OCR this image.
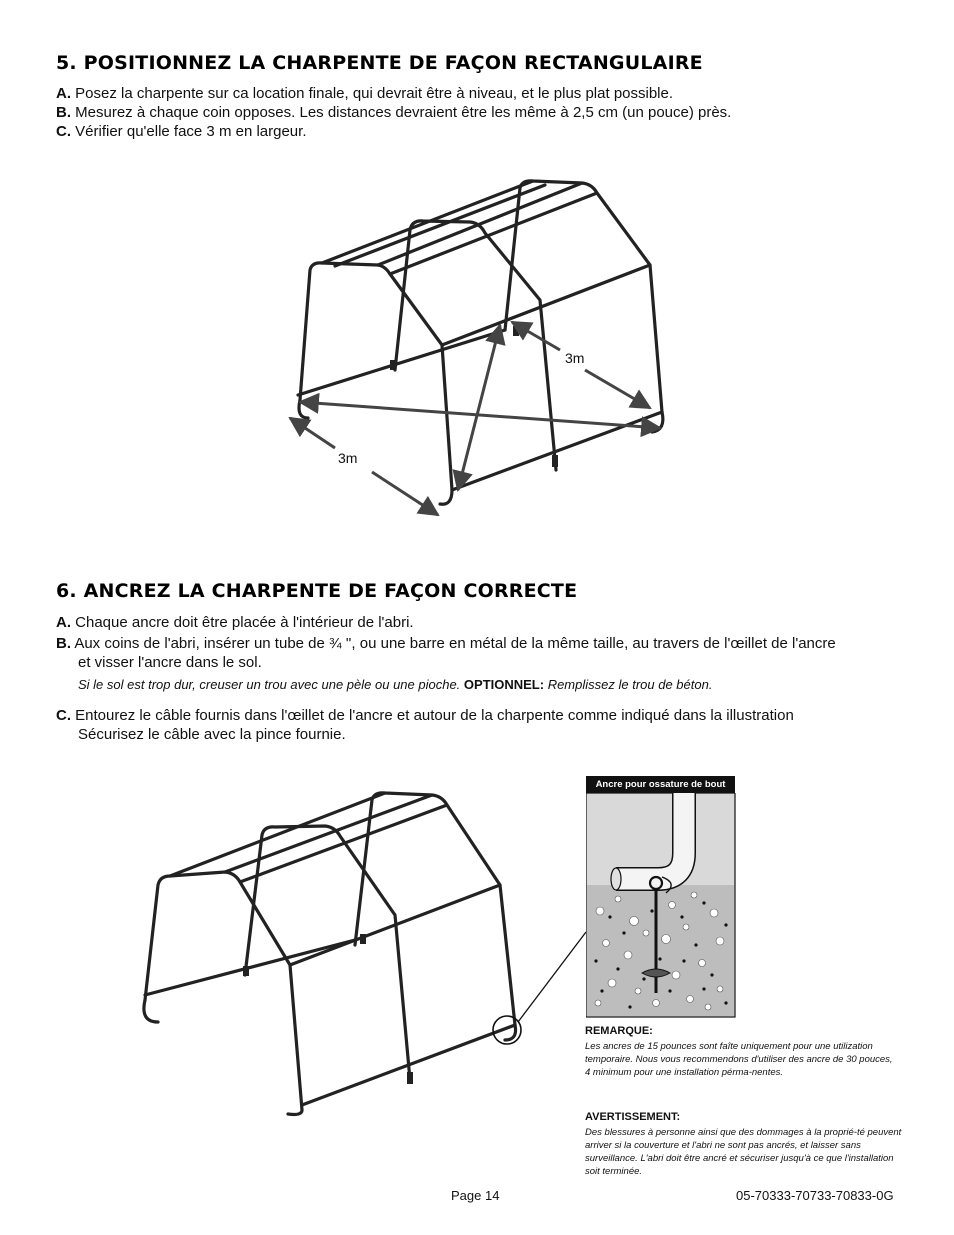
5. POSITIONNEZ LA CHARPENTE DE FAÇON RECTANGULAIRE

A. Posez la charpente sur ca location finale, qui devrait être à niveau, et le plus plat possible.

B. Mesurez à chaque coin opposes. Les distances devraient être les même à 2,5 cm (un pouce) près.

C. Vérifier qu'elle face 3 m en largeur.

3m
3m
6. ANCREZ LA CHARPENTE DE FAÇON CORRECTE

A. Chaque ancre doit être placée à l'intérieur de l'abri.

B. Aux coins de l'abri, insérer un tube de ¾ '', ou une barre en métal de la même taille, au travers de l'œillet de l'ancre et visser l'ancre dans le sol.

Si le sol est trop dur, creuser un trou avec une pèle ou une pioche. OPTIONNEL: Remplissez le trou de béton.

C. Entourez le câble fournis dans l'œillet de l'ancre et autour de la charpente comme indiqué dans la illustration Sécurisez le câble avec la pince fournie.

Ancre pour ossature de bout
REMARQUE:
Les ancres de 15 pounces sont faîte uniquement pour une utilization temporaire. Nous vous recommendons d'utiliser des ancre de 30 pouces, 4 minimum pour une installation pérma-nentes.
AVERTISSEMENT:
Des blessures à personne ainsi que des dommages à la proprié-té peuvent arriver si la couverture et l'abri ne sont pas ancrés, et laisser sans surveillance. L'abri doit être ancré et sécuriser jusqu'à ce que l'installation soit terminée.
Page 14	05-70333-70733-70833-0G
